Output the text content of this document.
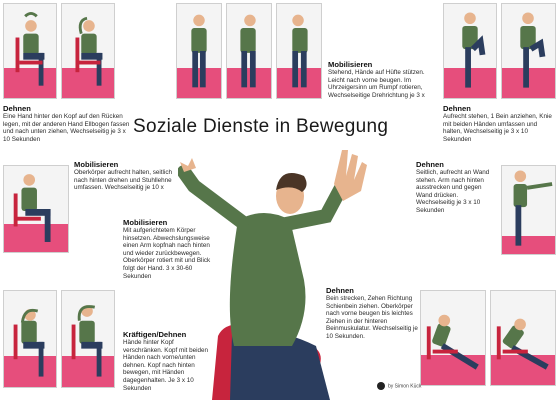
Soziale Dienste in Bewegung
Dehnen
Eine Hand hinter den Kopf auf den Rücken legen, mit der anderen Hand Ellbogen fassen und nach unten ziehen, Wechselseitig je 3 x 10 Sekunden
Mobilisieren
Stehend, Hände auf Hüfte stützen. Leicht nach vorne beugen. Im Uhrzeigersinn um Rumpf rotieren, Wechselseitige Drehrichtung je 3 x
Dehnen
Aufrecht stehen, 1 Bein anziehen, Knie mit beiden Händen umfassen und halten, Wechselseitig je 3 x 10 Sekunden
Mobilisieren
Oberkörper aufrecht halten, seitlich nach hinten drehen und Stuhllehne umfassen. Wechselseitig je 10 x
Dehnen
Seitlich, aufrecht an Wand stehen. Arm nach hinten ausstrecken und gegen Wand drücken. Wechselseitig je 3 x 10 Sekunden
Mobilisieren
Mit aufgerichtetem Körper hinsetzen. Abwechslungsweise einen Arm kopfnah nach hinten und wieder zurückbewegen. Oberkörper rotiert mit und Blick folgt der Hand. 3 x 30-60 Sekunden
Kräftigen/Dehnen
Hände hinter Kopf verschränken. Kopf mit beiden Händen nach vorne/unten dehnen. Kopf nach hinten bewegen, mit Händen dagegenhalten. Je 3 x 10 Sekunden
Dehnen
Bein strecken, Zehen Richtung Schienbein ziehen. Oberkörper nach vorne beugen bis leichtes Ziehen in der hinteren Beinmuskulatur. Wechselseitig je 10 Sekunden.
by Simon Kück
